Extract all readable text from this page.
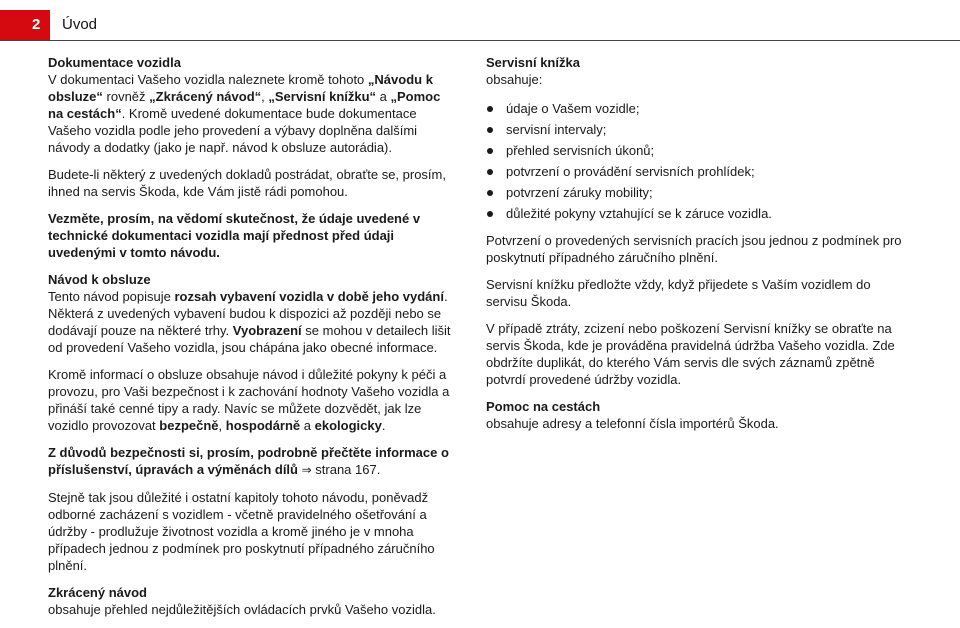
2	Úvod

Dokumentace vozidla

V dokumentaci Vašeho vozidla naleznete kromě tohoto „Návodu k obsluze“ rovněž „Zkrácený návod“, „Servisní knížku“ a „Pomoc na cestách“. Kromě uvedené dokumentace bude dokumentace Vašeho vozidla podle jeho provedení a výbavy doplněna dalšími návody a dodatky (jako je např. návod k obsluze autorádia).

Budete-li některý z uvedených dokladů postrádat, obraťte se, prosím, ihned na servis Škoda, kde Vám jistě rádi pomohou.

Vezměte, prosím, na vědomí skutečnost, že údaje uvedené v technické dokumentaci vozidla mají přednost před údaji uvedenými v tomto návodu.

Návod k obsluze

Tento návod popisuje rozsah vybavení vozidla v době jeho vydání. Některá z uvedených vybavení budou k dispozici až později nebo se dodávají pouze na některé trhy. Vyobrazení se mohou v detailech lišit od provedení Vašeho vozidla, jsou chápána jako obecné informace.

Kromě informací o obsluze obsahuje návod i důležité pokyny k péči a provozu, pro Vaši bezpečnost i k zachování hodnoty Vašeho vozidla a přináší také cenné tipy a rady. Navíc se můžete dozvědět, jak lze vozidlo provozovat bezpečně, hospodárně a ekologicky.

Z důvodů bezpečnosti si, prosím, podrobně přečtěte informace o příslušenství, úpravách a výměnách dílů ⇒ strana 167.

Stejně tak jsou důležité i ostatní kapitoly tohoto návodu, poněvadž odborné zacházení s vozidlem - včetně pravidelného ošetřování a údržby - prodlužuje životnost vozidla a kromě jiného je v mnoha případech jednou z podmínek pro poskytnutí případného záručního plnění.

Zkrácený návod

obsahuje přehled nejdůležitějších ovládacích prvků Vašeho vozidla.

Servisní knížka

obsahuje:

údaje o Vašem vozidle;
servisní intervaly;
přehled servisních úkonů;
potvrzení o provádění servisních prohlídek;
potvrzení záruky mobility;
důležité pokyny vztahující se k záruce vozidla.

Potvrzení o provedených servisních pracích jsou jednou z podmínek pro poskytnutí případného záručního plnění.

Servisní knížku předložte vždy, když přijedete s Vaším vozidlem do servisu Škoda.

V případě ztráty, zcizení nebo poškození Servisní knížky se obraťte na servis Škoda, kde je prováděna pravidelná údržba Vašeho vozidla. Zde obdržíte duplikát, do kterého Vám servis dle svých záznamů zpětně potvrdí provedené údržby vozidla.

Pomoc na cestách

obsahuje adresy a telefonní čísla importérů Škoda.
